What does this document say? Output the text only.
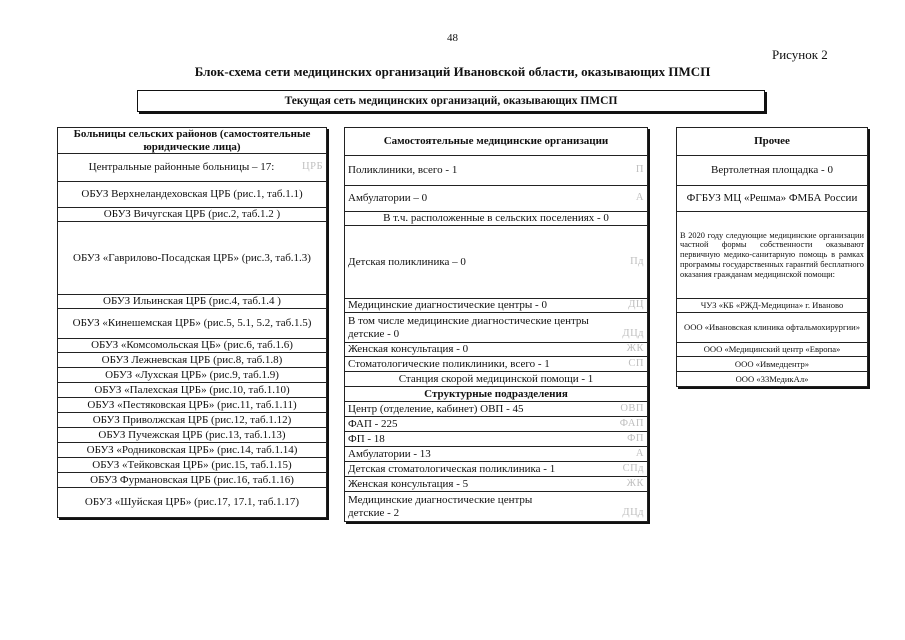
48
Рисунок 2
Блок-схема сети медицинских организаций Ивановской области, оказывающих ПМСП
Текущая сеть медицинских организаций, оказывающих ПМСП
Больницы сельских районов (самостоятельные юридические лица)

Центральные районные больницы – 17:	ЦРБ

ОБУЗ Верхнеландеховская ЦРБ (рис.1, таб.1.1)
ОБУЗ Вичугская ЦРБ (рис.2, таб.1.2 )
ОБУЗ «Гаврилово-Посадская ЦРБ» (рис.3, таб.1.3)
ОБУЗ Ильинская ЦРБ (рис.4, таб.1.4 )
ОБУЗ «Кинешемская ЦРБ» (рис.5, 5.1, 5.2, таб.1.5)
ОБУЗ «Комсомольская ЦБ» (рис.6, таб.1.6)
ОБУЗ Лежневская ЦРБ (рис.8, таб.1.8)
ОБУЗ «Лухская ЦРБ» (рис.9, таб.1.9)
ОБУЗ «Палехская ЦРБ» (рис.10, таб.1.10)
ОБУЗ «Пестяковская ЦРБ» (рис.11, таб.1.11)
ОБУЗ Приволжская ЦРБ (рис.12, таб.1.12)
ОБУЗ Пучежская ЦРБ (рис.13, таб.1.13)
ОБУЗ «Родниковская ЦРБ» (рис.14, таб.1.14)
ОБУЗ «Тейковская ЦРБ» (рис.15, таб.1.15)
ОБУЗ Фурмановская ЦРБ (рис.16, таб.1.16)
ОБУЗ «Шуйская ЦРБ» (рис.17, 17.1, таб.1.17)
Самостоятельные медицинские организации

Поликлиники, всего - 1	П

Амбулатории – 0	А

В т.ч. расположенные в сельских поселениях - 0

Детская поликлиника – 0	Пд

Медицинские диагностические центры - 0	ДЦ

В том числе медицинские диагностические центры
детские - 0	ДЦд

Женская консультация - 0	ЖК

Стоматологические поликлиники, всего - 1	СП

Станция скорой медицинской помощи - 1
Структурные подразделения

Центр (отделение, кабинет) ОВП - 45	ОВП

ФАП - 225	ФАП

ФП - 18	ФП

Амбулатории - 13	А

Детская стоматологическая поликлиника - 1	СПд

Женская консультация - 5	ЖК

Медицинские диагностические центры
детские - 2	ДЦд
Прочее
Вертолетная площадка - 0
ФГБУЗ МЦ «Решма» ФМБА России
В 2020 году следующие медицинские организации частной формы собственности оказывают первичную медико-санитарную помощь в рамках программы государственных гарантий бесплатного оказания гражданам медицинской помощи:
ЧУЗ «КБ «РЖД-Медицина» г. Иваново
ООО «Ивановская клиника офтальмохирургии»
ООО «Медицинский центр «Европа»
ООО «Ивмедцентр»
ООО «33МедикАл»
